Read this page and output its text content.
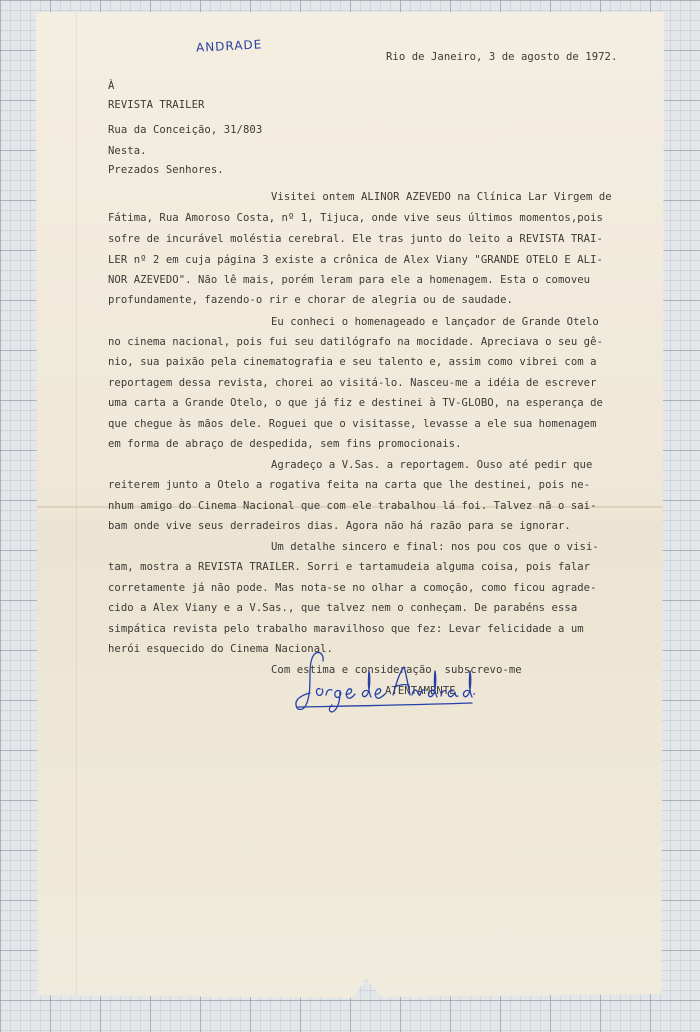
ANDRADE
Rio de Janeiro, 3 de agosto de 1972.
À
REVISTA TRAILER
Rua da Conceição, 31/803
Nesta.
Prezados Senhores.
Visitei ontem ALINOR AZEVEDO na Clínica Lar Virgem de
Fátima, Rua Amoroso Costa, nº 1, Tijuca, onde vive seus últimos momentos,pois
sofre de incurável moléstia cerebral. Ele tras junto do leito a REVISTA TRAI-
LER nº 2 em cuja página 3 existe a crônica de Alex Viany "GRANDE OTELO E ALI-
NOR AZEVEDO". Não lê mais, porém leram para ele a homenagem. Esta o comoveu
profundamente, fazendo-o rir e chorar de alegria ou de saudade.
Eu conheci o homenageado e lançador de Grande Otelo
no cinema nacional, pois fui seu datilógrafo na mocidade. Apreciava o seu gê-
nio, sua paixão pela cinematografia e seu talento e, assim como vibrei com a
reportagem dessa revista, chorei ao visitá-lo. Nasceu-me a idéia de escrever
uma carta a Grande Otelo, o que já fiz e destinei à TV-GLOBO, na esperança de
que chegue às mãos dele. Roguei que o visitasse, levasse a ele sua homenagem
em forma de abraço de despedida, sem fins promocionais.
Agradeço a V.Sas. a reportagem. Ouso até pedir que
reiterem junto a Otelo a rogativa feita na carta que lhe destinei, pois ne-
nhum amigo do Cinema Nacional que com ele trabalhou lá foi. Talvez nã o sai-
bam onde vive seus derradeiros dias. Agora não há razão para se ignorar.
Um detalhe sincero e final: nos pou cos que o visi-
tam, mostra a REVISTA TRAILER. Sorri e tartamudeia alguma coisa, pois falar
corretamente já não pode. Mas nota-se no olhar a comoção, como ficou agrade-
cido a Alex Viany e a V.Sas., que talvez nem o conheçam. De parabéns essa
simpática revista pelo trabalho maravilhoso que fez: Levar felicidade a um
herói esquecido do Cinema Nacional.
Com estima e consideração, subscrevo-me
ATENTAMENTE
